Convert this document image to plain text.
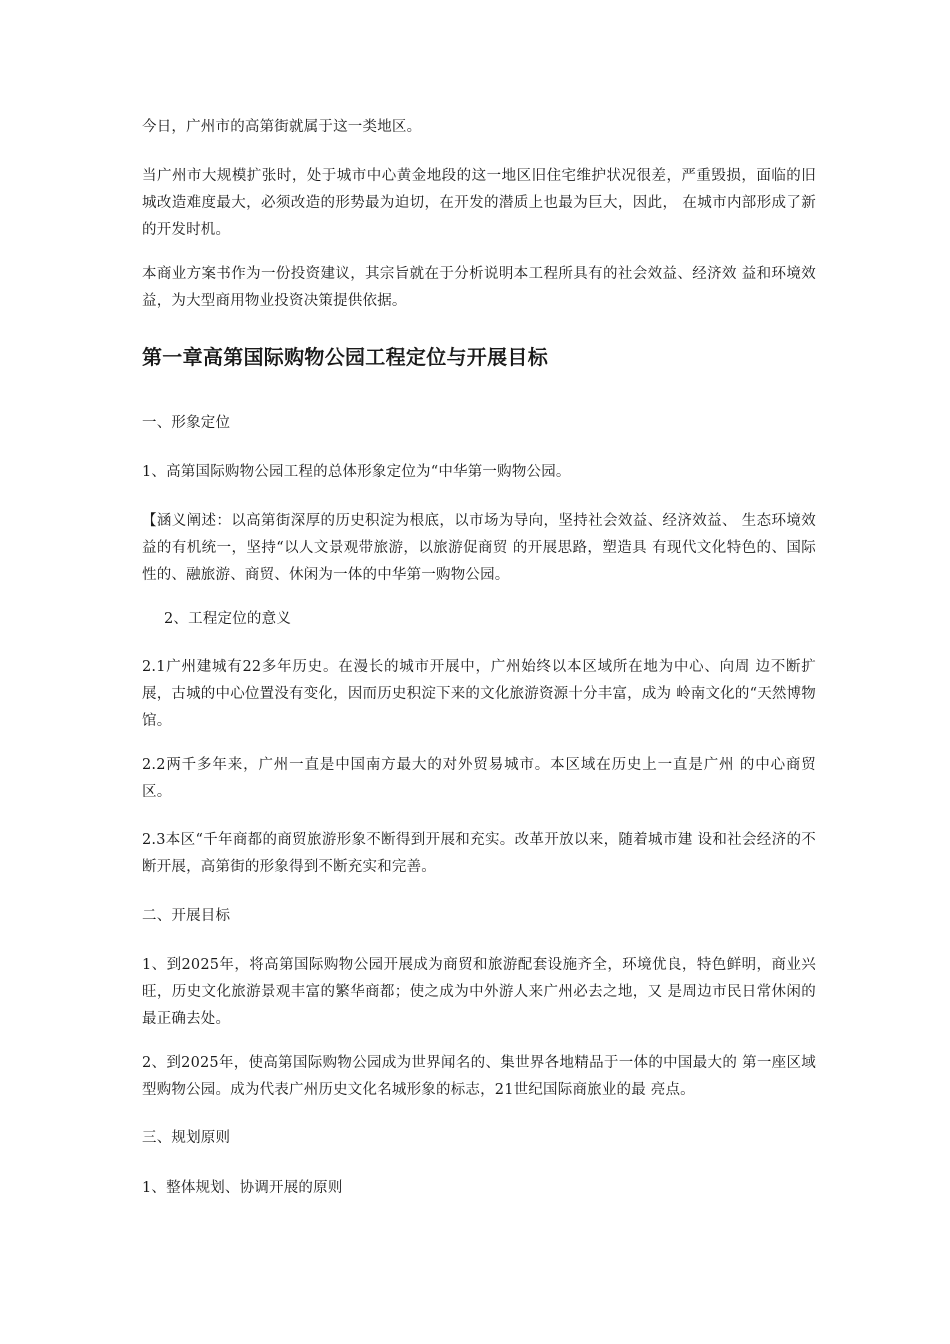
今日，广州市的高第街就属于这一类地区。

当广州市大规模扩张时，处于城市中心黄金地段的这一地区旧住宅维护状况很差，严重毁损，面临的旧城改造难度最大，必须改造的形势最为迫切，在开发的潜质上也最为巨大，因此， 在城市内部形成了新的开发时机。

本商业方案书作为一份投资建议，其宗旨就在于分析说明本工程所具有的社会效益、经济效 益和环境效益，为大型商用物业投资决策提供依据。

第一章高第国际购物公园工程定位与开展目标

一、形象定位

1、高第国际购物公园工程的总体形象定位为“中华第一购物公园。

【涵义阐述：以高第街深厚的历史积淀为根底，以市场为导向，坚持社会效益、经济效益、 生态环境效益的有机统一，坚持“以人文景观带旅游，以旅游促商贸 的开展思路，塑造具 有现代文化特色的、国际性的、融旅游、商贸、休闲为一体的中华第一购物公园。

2、工程定位的意义

2.1广州建城有22多年历史。在漫长的城市开展中，广州始终以本区域所在地为中心、向周 边不断扩展，古城的中心位置没有变化，因而历史积淀下来的文化旅游资源十分丰富，成为 岭南文化的“天然博物馆。

2.2两千多年来，广州一直是中国南方最大的对外贸易城市。本区域在历史上一直是广州 的中心商贸区。

2.3本区“千年商都的商贸旅游形象不断得到开展和充实。改革开放以来，随着城市建 设和社会经济的不断开展，高第街的形象得到不断充实和完善。

二、开展目标

1、到2025年，将高第国际购物公园开展成为商贸和旅游配套设施齐全，环境优良，特色鲜明，商业兴旺，历史文化旅游景观丰富的繁华商都；使之成为中外游人来广州必去之地，又 是周边市民日常休闲的最正确去处。

2、到2025年，使高第国际购物公园成为世界闻名的、集世界各地精品于一体的中国最大的 第一座区域型购物公园。成为代表广州历史文化名城形象的标志，21世纪国际商旅业的最 亮点。

三、规划原则

1、整体规划、协调开展的原则
